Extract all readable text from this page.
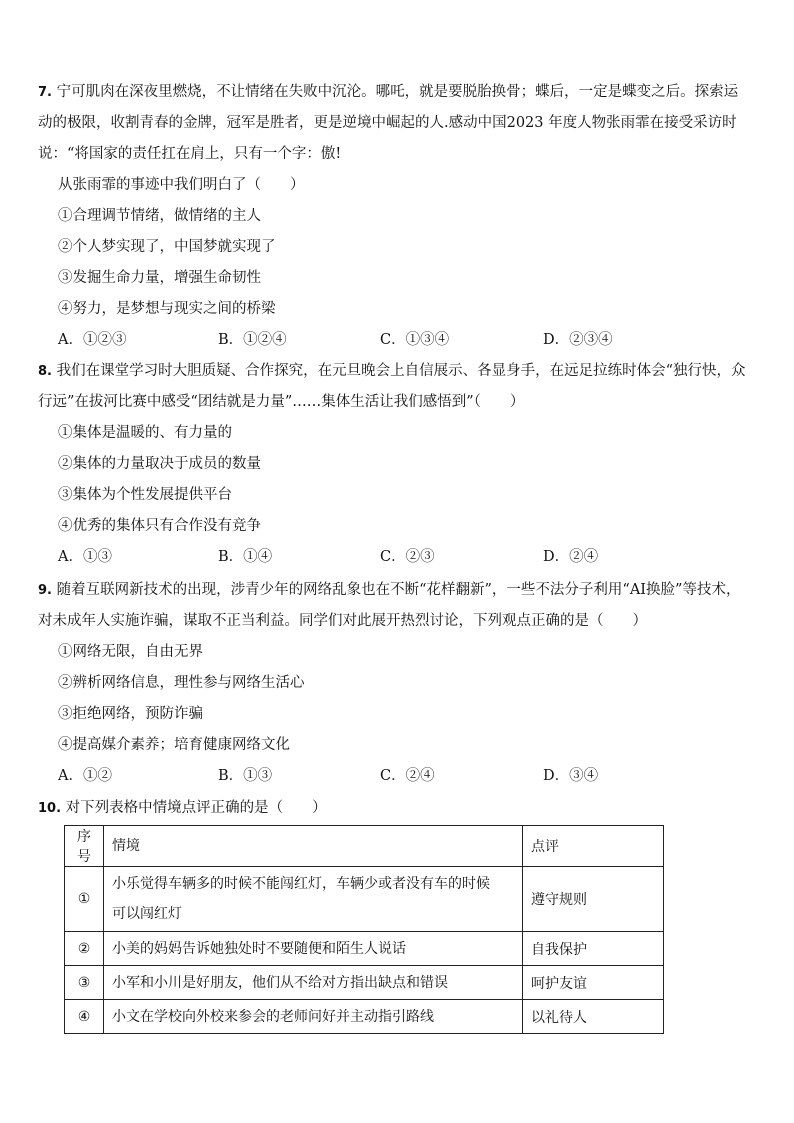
7. 宁可肌肉在深夜里燃烧，不让情绪在失败中沉沦。哪吒，就是要脱胎换骨；蝶后，一定是蝶变之后。探索运
动的极限，收割青春的金牌，冠军是胜者，更是逆境中崛起的人.感动中国2023 年度人物张雨霏在接受采访时
说：“将国家的责任扛在肩上，只有一个字：傲!
从张雨霏的事迹中我们明白了（　　）
①合理调节情绪，做情绪的主人
②个人梦实现了，中国梦就实现了
③发掘生命力量，增强生命韧性
④努力，是梦想与现实之间的桥梁
A．①②③	B．①②④	C．①③④	D．②③④
8. 我们在课堂学习时大胆质疑、合作探究，在元旦晚会上自信展示、各显身手，在远足拉练时体会“独行快，众
行远”在拔河比赛中感受“团结就是力量”……集体生活让我们感悟到”（　　）
①集体是温暖的、有力量的
②集体的力量取决于成员的数量
③集体为个性发展提供平台
④优秀的集体只有合作没有竞争
A．①③	B．①④	C．②③	D．②④
9. 随着互联网新技术的出现，涉青少年的网络乱象也在不断“花样翻新”，一些不法分子利用“AI换脸”等技术，
对未成年人实施诈骗，谋取不正当利益。同学们对此展开热烈讨论，下列观点正确的是（　　）
①网络无限，自由无界
②辨析网络信息，理性参与网络生活心
③拒绝网络，预防诈骗
④提高媒介素养；培育健康网络文化
A．①②	B．①③	C．②④	D．③④
10. 对下列表格中情境点评正确的是（　　）
序号	情境	点评
①	小乐觉得车辆多的时候不能闯红灯，车辆少或者没有车的时候
可以闯红灯	遵守规则
②	小美的妈妈告诉她独处时不要随便和陌生人说话	自我保护
③	小军和小川是好朋友，他们从不给对方指出缺点和错误	呵护友谊
④	小文在学校向外校来参会的老师问好并主动指引路线	以礼待人
